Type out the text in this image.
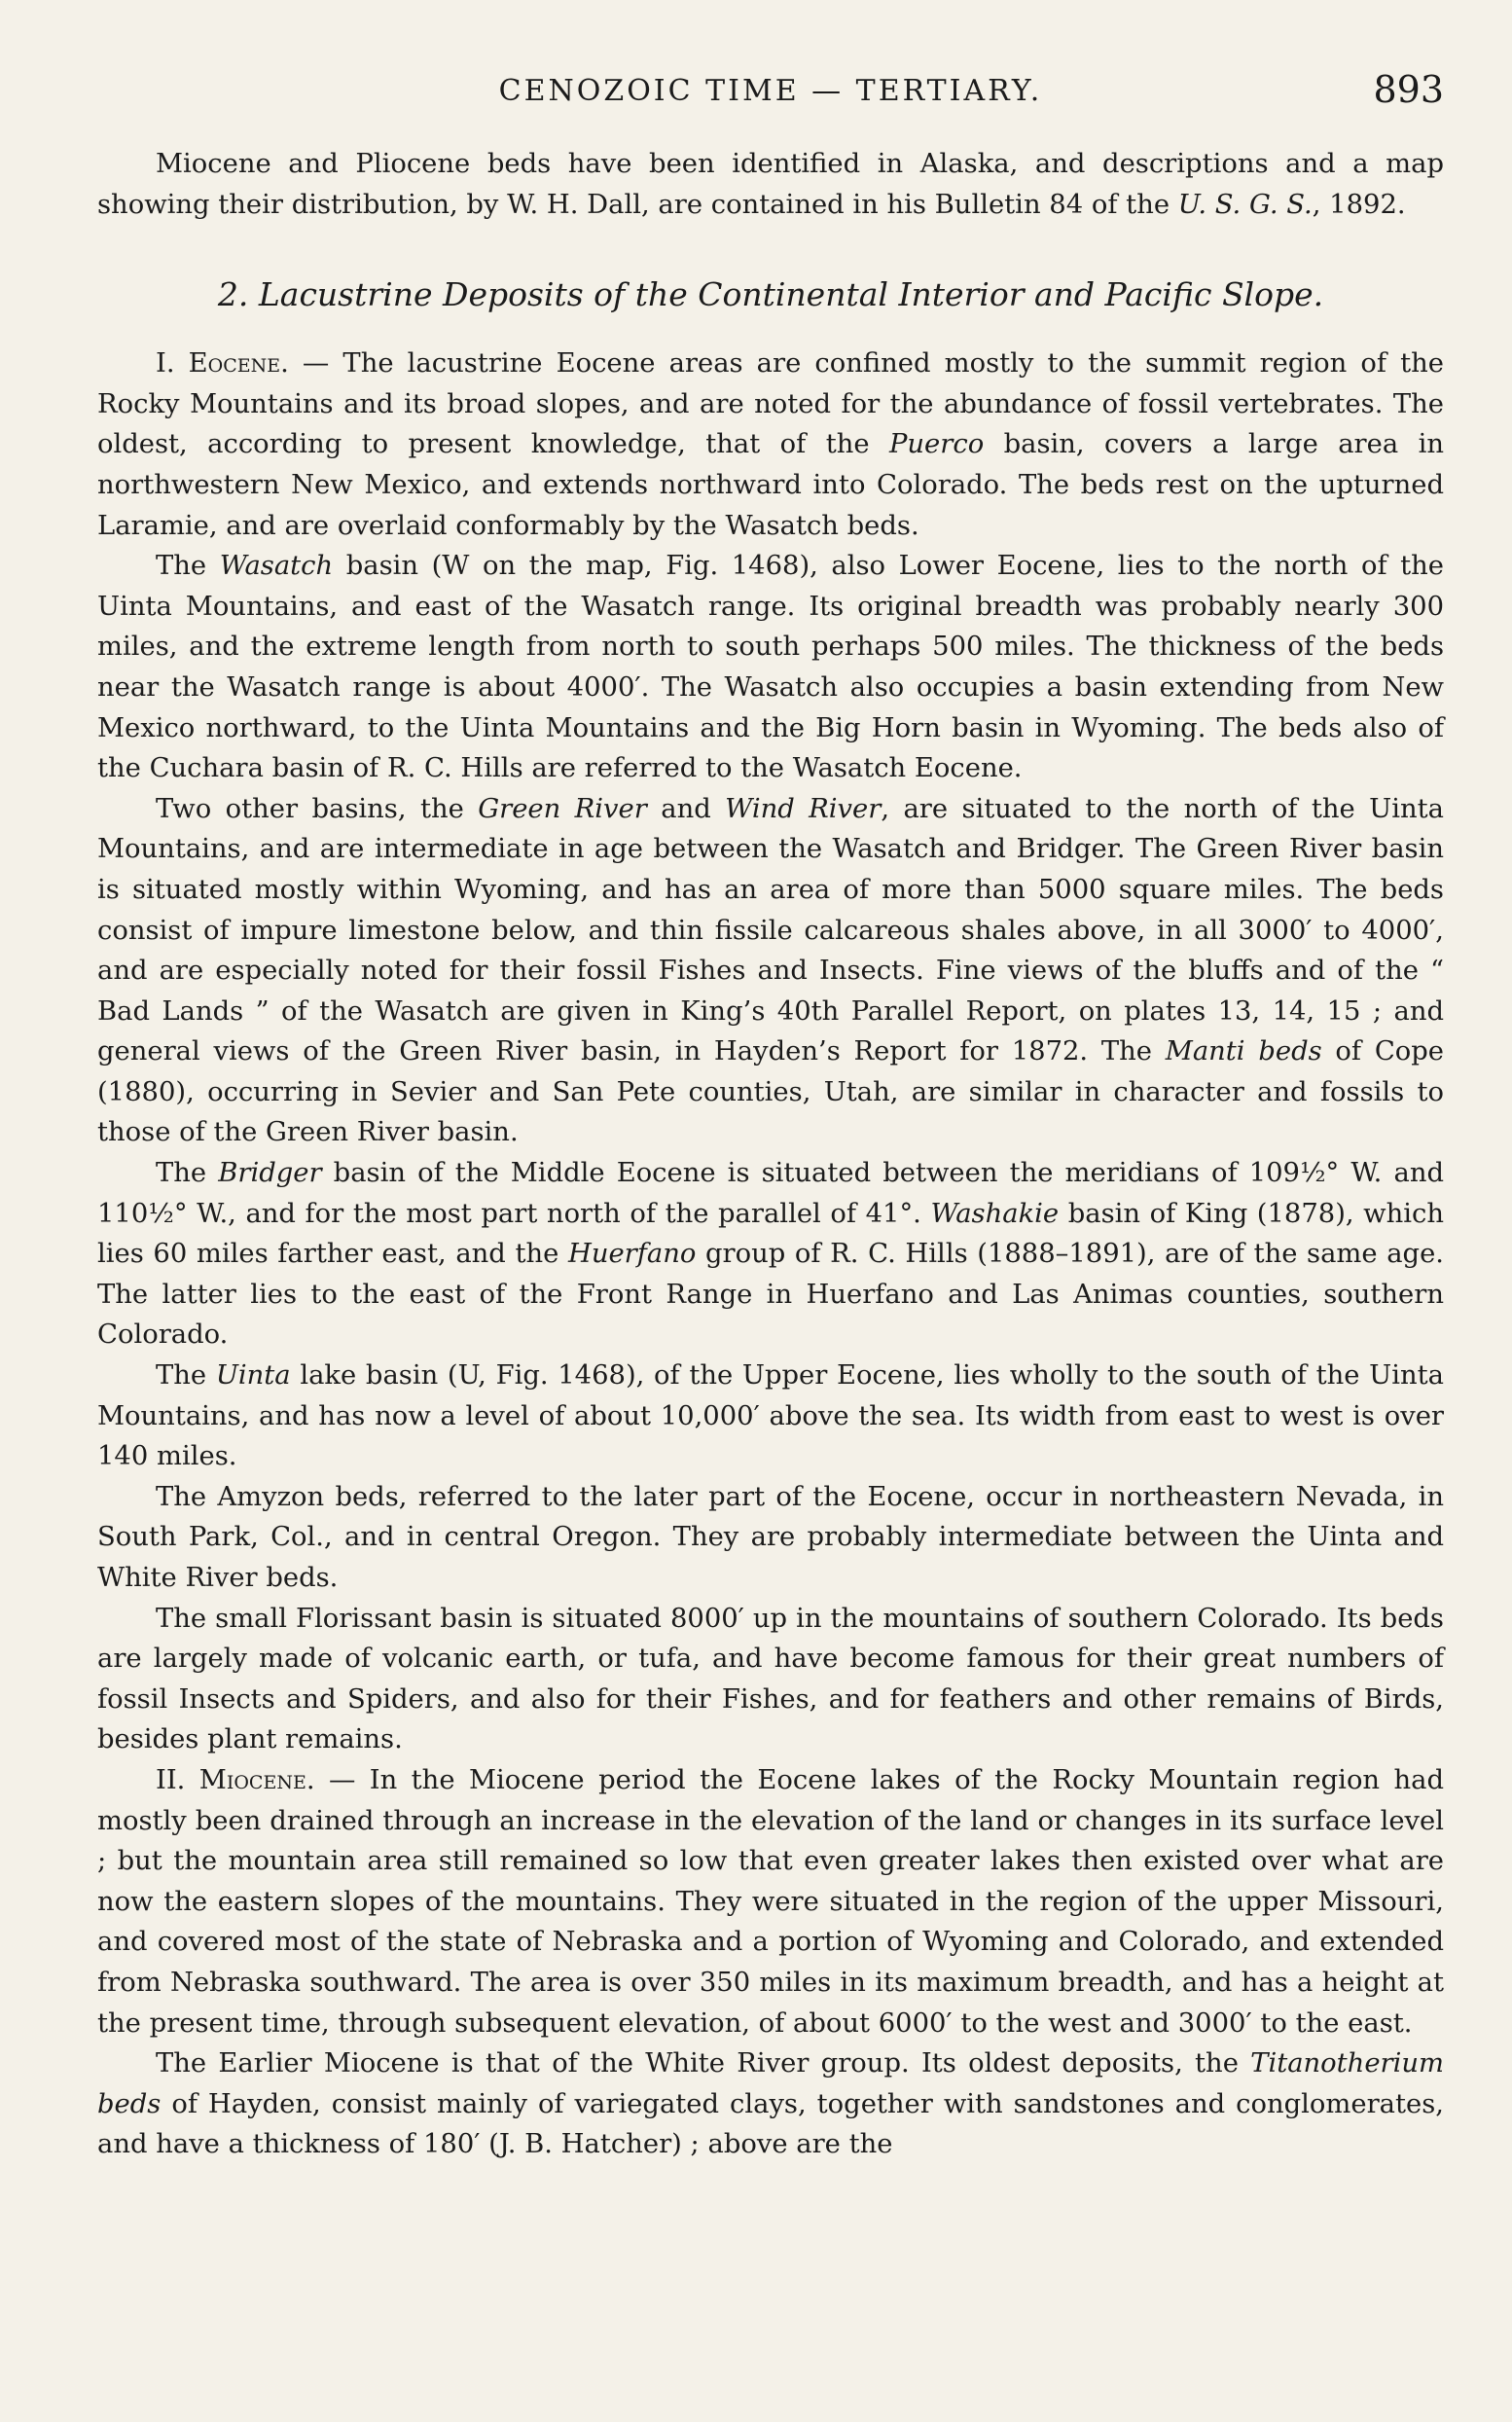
CENOZOIC TIME — TERTIARY.	893

Miocene and Pliocene beds have been identified in Alaska, and descriptions and a map showing their distribution, by W. H. Dall, are contained in his Bulletin 84 of the U. S. G. S., 1892.

2. Lacustrine Deposits of the Continental Interior and Pacific Slope.

I. Eocene. — The lacustrine Eocene areas are confined mostly to the summit region of the Rocky Mountains and its broad slopes, and are noted for the abundance of fossil vertebrates. The oldest, according to present knowledge, that of the Puerco basin, covers a large area in northwestern New Mexico, and extends northward into Colorado. The beds rest on the upturned Laramie, and are overlaid conformably by the Wasatch beds.

The Wasatch basin (W on the map, Fig. 1468), also Lower Eocene, lies to the north of the Uinta Mountains, and east of the Wasatch range. Its original breadth was probably nearly 300 miles, and the extreme length from north to south perhaps 500 miles. The thickness of the beds near the Wasatch range is about 4000′. The Wasatch also occupies a basin extending from New Mexico northward, to the Uinta Mountains and the Big Horn basin in Wyoming. The beds also of the Cuchara basin of R. C. Hills are referred to the Wasatch Eocene.

Two other basins, the Green River and Wind River, are situated to the north of the Uinta Mountains, and are intermediate in age between the Wasatch and Bridger. The Green River basin is situated mostly within Wyoming, and has an area of more than 5000 square miles. The beds consist of impure limestone below, and thin fissile calcareous shales above, in all 3000′ to 4000′, and are especially noted for their fossil Fishes and Insects. Fine views of the bluffs and of the “ Bad Lands ” of the Wasatch are given in King’s 40th Parallel Report, on plates 13, 14, 15 ; and general views of the Green River basin, in Hayden’s Report for 1872. The Manti beds of Cope (1880), occurring in Sevier and San Pete counties, Utah, are similar in character and fossils to those of the Green River basin.

The Bridger basin of the Middle Eocene is situated between the meridians of 109½° W. and 110½° W., and for the most part north of the parallel of 41°. Washakie basin of King (1878), which lies 60 miles farther east, and the Huerfano group of R. C. Hills (1888–1891), are of the same age. The latter lies to the east of the Front Range in Huerfano and Las Animas counties, southern Colorado.

The Uinta lake basin (U, Fig. 1468), of the Upper Eocene, lies wholly to the south of the Uinta Mountains, and has now a level of about 10,000′ above the sea. Its width from east to west is over 140 miles.

The Amyzon beds, referred to the later part of the Eocene, occur in northeastern Nevada, in South Park, Col., and in central Oregon. They are probably intermediate between the Uinta and White River beds.

The small Florissant basin is situated 8000′ up in the mountains of southern Colorado. Its beds are largely made of volcanic earth, or tufa, and have become famous for their great numbers of fossil Insects and Spiders, and also for their Fishes, and for feathers and other remains of Birds, besides plant remains.

II. Miocene. — In the Miocene period the Eocene lakes of the Rocky Mountain region had mostly been drained through an increase in the elevation of the land or changes in its surface level ; but the mountain area still remained so low that even greater lakes then existed over what are now the eastern slopes of the mountains. They were situated in the region of the upper Missouri, and covered most of the state of Nebraska and a portion of Wyoming and Colorado, and extended from Nebraska southward. The area is over 350 miles in its maximum breadth, and has a height at the present time, through subsequent elevation, of about 6000′ to the west and 3000′ to the east.

The Earlier Miocene is that of the White River group. Its oldest deposits, the Titanotherium beds of Hayden, consist mainly of variegated clays, together with sandstones and conglomerates, and have a thickness of 180′ (J. B. Hatcher) ; above are the
